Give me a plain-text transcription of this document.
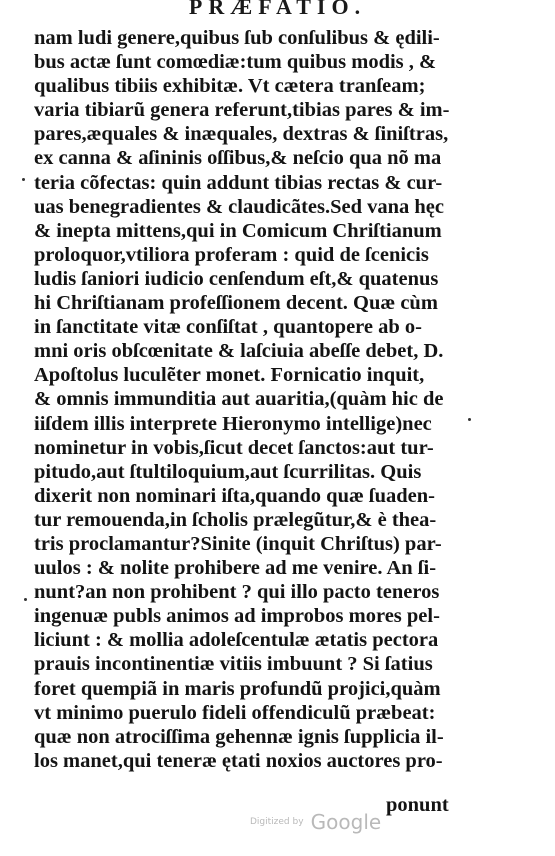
PRÆFATIO.
nam ludi genere,quibus ſub conſulibus & ędili-
bus actæ ſunt comœdiæ:tum quibus modis , &
qualibus tibiis exhibitæ. Vt cætera tranſeam;
varia tibiarũ genera referunt,tibias pares & im-
pares,æquales & inæquales, dextras & ſiniſtras,
ex canna & aſininis oſſibus,& neſcio qua nõ ma
teria cõfectas: quin addunt tibias rectas & cur-
uas benegradientes & claudicãtes.Sed vana hęc
& inepta mittens,qui in Comicum Chriſtianum
proloquor,vtiliora proferam : quid de ſcenicis
ludis ſaniori iudicio cenſendum eſt,& quatenus
hi Chriſtianam profeſſionem decent. Quæ cùm
in ſanctitate vitæ conſiſtat , quantopere ab o-
mni oris obſcœnitate & laſciuia abeſſe debet, D.
Apoſtolus luculẽter monet. Fornicatio inquit,
& omnis immunditia aut auaritia,(quàm hic de
iiſdem illis interprete Hieronymo intellige)nec
nominetur in vobis,ſicut decet ſanctos:aut tur-
pitudo,aut ſtultiloquium,aut ſcurrilitas. Quis
dixerit non nominari iſta,quando quæ ſuaden-
tur remouenda,in ſcholis prælegũtur,& è thea-
tris proclamantur?Sinite (inquit Chriſtus) par-
uulos : & nolite prohibere ad me venire. An ſi-
nunt?an non prohibent ? qui illo pacto teneros
ingenuæ publs animos ad improbos mores pel-
liciunt : & mollia adoleſcentulæ ætatis pectora
prauis incontinentiæ vitiis imbuunt ? Si ſatius
foret quempiã in maris profundũ projici,quàm
vt minimo puerulo fideli offendiculũ præbeat:
quæ non atrociſſima gehennæ ignis ſupplicia il-
los manet,qui teneræ ętati noxios auctores pro-
ponunt
Digitized by Google
